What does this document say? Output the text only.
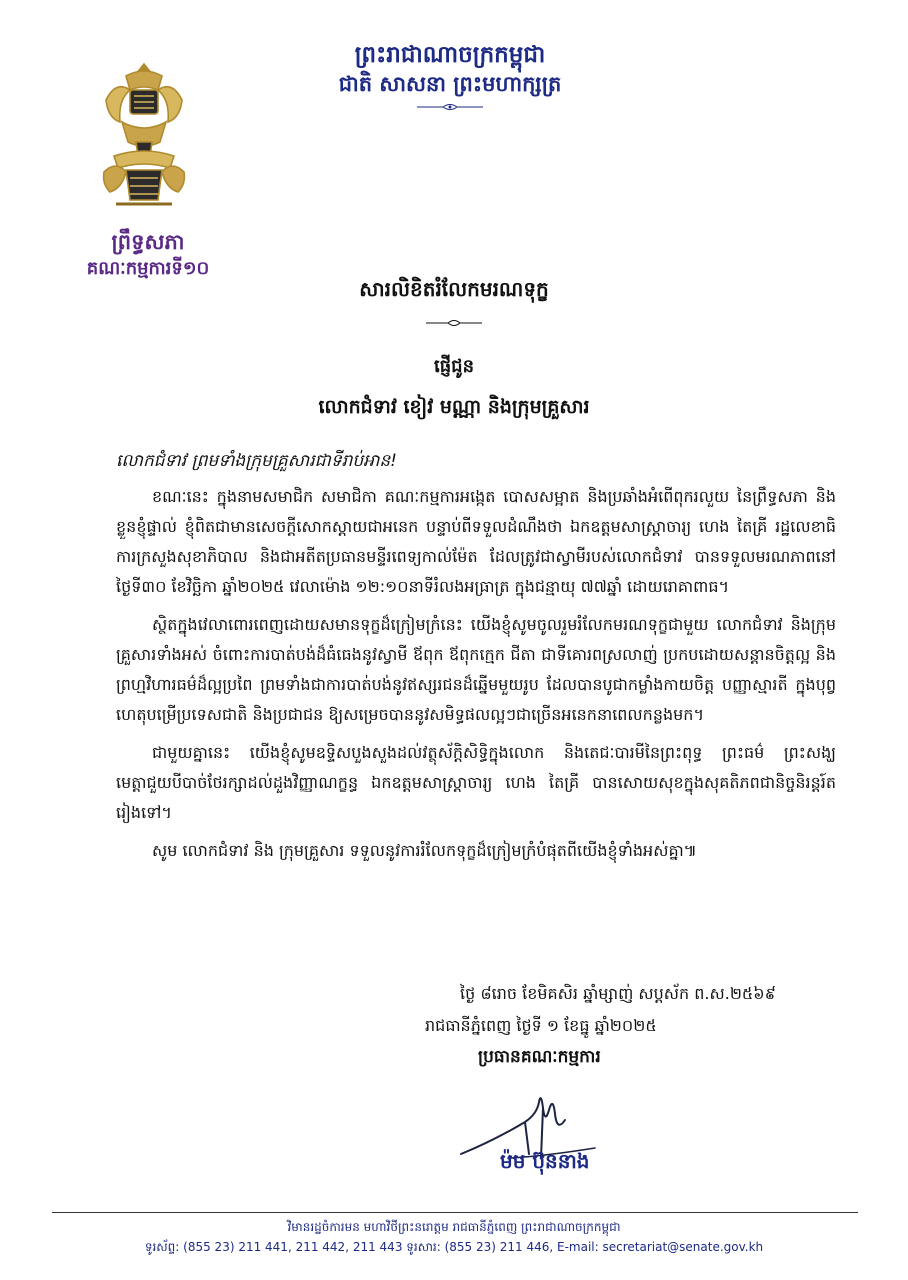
ព្រះរាជាណាចក្រកម្ពុជា
ជាតិ សាសនា ព្រះមហាក្សត្រ
ព្រឹទ្ធសភា
គណៈកម្មការទី១០
សារលិខិតរំលែកមរណទុក្ខ
ផ្ញើជូន
លោកជំទាវ ខៀវ មណ្ណា និងក្រុមគ្រួសារ
លោកជំទាវ ព្រមទាំងក្រុមគ្រួសារជាទីរាប់អាន!

ខណៈនេះ ក្នុងនាមសមាជិក សមាជិកា គណៈកម្មការអង្កេត បោសសម្អាត និងប្រឆាំងអំពើពុករលួយ នៃព្រឹទ្ធសភា និងខ្លួនខ្ញុំផ្ទាល់ ខ្ញុំពិតជាមានសេចក្តីសោកស្តាយជាអនេក បន្ទាប់ពីទទួលដំណឹងថា ឯកឧត្តមសាស្ត្រាចារ្យ ហេង តៃគ្រី រដ្ឋលេខាធិការក្រសួងសុខាភិបាល និងជាអតីតប្រធានមន្ទីរពេទ្យកាល់ម៉ែត ដែលត្រូវជាស្វាមីរបស់លោកជំទាវ បានទទួលមរណភាពនៅថ្ងៃទី៣០ ខែវិច្ឆិកា ឆ្នាំ២០២៥ វេលាម៉ោង ១២:១០នាទីរំលងអធ្រាត្រ ក្នុងជន្មាយុ ៧៧ឆ្នាំ ដោយរោគាពាធ។

ស្ថិតក្នុងវេលាពោរពេញដោយសមានទុក្ខដ៏ក្រៀមក្រំនេះ យើងខ្ញុំសូមចូលរួមរំលែកមរណទុក្ខជាមួយ លោកជំទាវ និងក្រុមគ្រួសារទាំងអស់ ចំពោះការបាត់បង់ដ៏ធំធេងនូវស្វាមី ឪពុក ឪពុកក្មេក ជីតា ជាទីគោរពស្រលាញ់ ប្រកបដោយសន្តានចិត្តល្អ និងព្រហ្មវិហារធម៌ដ៏ល្អប្រពៃ ព្រមទាំងជាការបាត់បង់នូវឥស្សរជនដ៏ឆ្នើមមួយរូប ដែលបានបូជាកម្លាំងកាយចិត្ត បញ្ញាស្មារតី ក្នុងបុព្វហេតុបម្រើប្រទេសជាតិ និងប្រជាជន ឱ្យសម្រេចបាននូវសមិទ្ធផលល្អៗជាច្រើនអនេកនាពេលកន្លងមក។

ជាមួយគ្នានេះ យើងខ្ញុំសូមឧទ្ទិសបួងសួងដល់វត្ថុស័ក្តិសិទ្ធិក្នុងលោក និងតេជៈបារមីនៃព្រះពុទ្ធ ព្រះធម៌ ព្រះសង្ឃ មេត្តាជួយបីបាច់ថែរក្សាដល់ដួងវិញ្ញាណក្ខន្ធ ឯកឧត្តមសាស្ត្រាចារ្យ ហេង តៃគ្រី បានសោយសុខក្នុងសុគតិភពជានិច្ចនិរន្តរ៍តរៀងទៅ។

សូម លោកជំទាវ និង ក្រុមគ្រួសារ ទទួលនូវការរំលែកទុក្ខដ៏ក្រៀមក្រំបំផុតពីយើងខ្ញុំទាំងអស់គ្នា៕

ថ្ងៃ ៨រោច ខែមិគសិរ ឆ្នាំម្សាញ់ សប្តស័ក ព.ស.២៥៦៩
រាជធានីភ្នំពេញ ថ្ងៃទី ១ ខែធ្នូ ឆ្នាំ២០២៥
ប្រធានគណៈកម្មការ
ម៉ម ប៊ុននាង
វិមានរដ្ឋចំការមន មហាវិថីព្រះនរោត្តម រាជធានីភ្នំពេញ ព្រះរាជាណាចក្រកម្ពុជា
ទូរស័ព្ទ: (855 23) 211 441, 211 442, 211 443 ទូរសារ: (855 23) 211 446, E-mail: secretariat@senate.gov.kh
